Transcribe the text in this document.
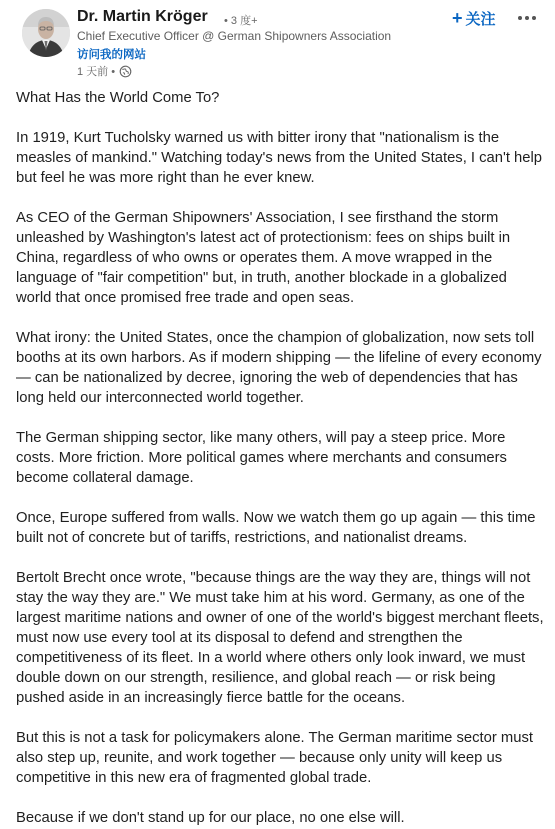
Dr. Martin Kröger • 3 度+
Chief Executive Officer @ German Shipowners Association
访问我的网站
1 天前 •
+ 关注

What Has the World Come To?

In 1919, Kurt Tucholsky warned us with bitter irony that "nationalism is the measles of mankind." Watching today's news from the United States, I can't help but feel he was more right than he ever knew.

As CEO of the German Shipowners' Association, I see firsthand the storm unleashed by Washington's latest act of protectionism: fees on ships built in China, regardless of who owns or operates them. A move wrapped in the language of "fair competition" but, in truth, another blockade in a globalized world that once promised free trade and open seas.

What irony: the United States, once the champion of globalization, now sets toll booths at its own harbors. As if modern shipping — the lifeline of every economy — can be nationalized by decree, ignoring the web of dependencies that has long held our interconnected world together.

The German shipping sector, like many others, will pay a steep price. More costs. More friction. More political games where merchants and consumers become collateral damage.

Once, Europe suffered from walls. Now we watch them go up again — this time built not of concrete but of tariffs, restrictions, and nationalist dreams.

Bertolt Brecht once wrote, "because things are the way they are, things will not stay the way they are." We must take him at his word. Germany, as one of the largest maritime nations and owner of one of the world's biggest merchant fleets, must now use every tool at its disposal to defend and strengthen the competitiveness of its fleet. In a world where others only look inward, we must double down on our strength, resilience, and global reach — or risk being pushed aside in an increasingly fierce battle for the oceans.

But this is not a task for policymakers alone. The German maritime sector must also step up, reunite, and work together — because only unity will keep us competitive in this new era of fragmented global trade.

Because if we don't stand up for our place, no one else will.
